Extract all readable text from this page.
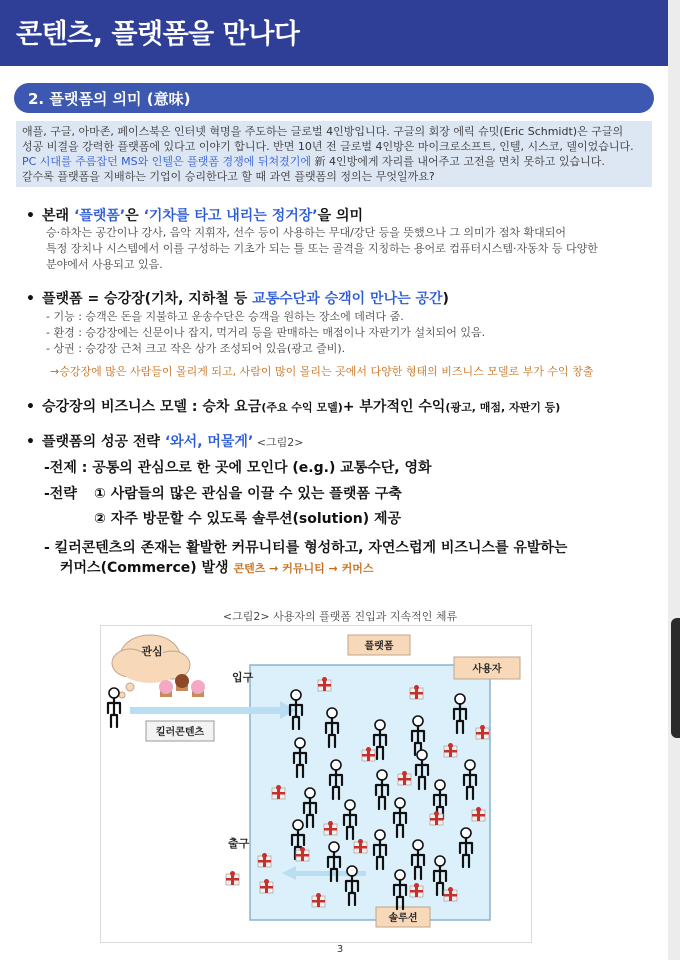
콘텐츠, 플랫폼을 만나다
2. 플랫폼의 의미 (意味)
애플, 구글, 아마존, 페이스북은 인터넷 혁명을 주도하는 글로벌 4인방입니다. 구글의 회장 에릭 슈밋(Eric Schmidt)은 구글의
성공 비결을 강력한 플랫폼에 있다고 이야기 합니다. 반면 10년 전 글로벌 4인방은 마이크로소프트, 인텔, 시스코, 델이었습니다.
PC 시대를 주름잡던 MS와 인텔은 플랫폼 경쟁에 뒤쳐졌기에 新 4인방에게 자리를 내어주고 고전을 면치 못하고 있습니다.
갈수록 플랫폼을 지배하는 기업이 승리한다고 할 때 과연 플랫폼의 정의는 무엇일까요?
• 본래 ‘플랫폼’은 ‘기차를 타고 내리는 정거장’을 의미
승·하차는 공간이나 강사, 음악 지휘자, 선수 등이 사용하는 무대/강단 등을 뜻했으나 그 의미가 점차 확대되어
특정 장치나 시스템에서 이를 구성하는 기초가 되는 틀 또는 골격을 지칭하는 용어로 컴퓨터시스템·자동차 등 다양한
분야에서 사용되고 있음.
• 플랫폼 = 승강장(기차, 지하철 등 교통수단과 승객이 만나는 공간)
- 기능 : 승객은 돈을 지불하고 운송수단은 승객을 원하는 장소에 데려다 줌.
- 환경 : 승강장에는 신문이나 잡지, 먹거리 등을 판매하는 매점이나 자판기가 설치되어 있음.
- 상권 : 승강장 근처 크고 작은 상가 조성되어 있음(광고 즐비).
→승강장에 많은 사람들이 몰리게 되고, 사람이 많이 몰리는 곳에서 다양한 형태의 비즈니스 모델로 부가 수익 창출
• 승강장의 비즈니스 모델 : 승차 요금(주요 수익 모델)+ 부가적인 수익(광고, 매점, 자판기 등)
• 플랫폼의 성공 전략 ‘와서, 머물게’ <그림2>
-전제 : 공통의 관심으로 한 곳에 모인다 (e.g.) 교통수단, 영화
-전략 ① 사람들의 많은 관심을 이끌 수 있는 플랫폼 구축
② 자주 방문할 수 있도록 솔루션(solution) 제공
- 킬러콘텐츠의 존재는 활발한 커뮤니티를 형성하고, 자연스럽게 비즈니스를 유발하는
커머스(Commerce) 발생 콘텐츠 → 커뮤니티 → 커머스
<그림2> 사용자의 플랫폼 진입과 지속적인 체류
관심
입구
킬러콘텐츠
플랫폼
사용자
출구
솔루션
3
